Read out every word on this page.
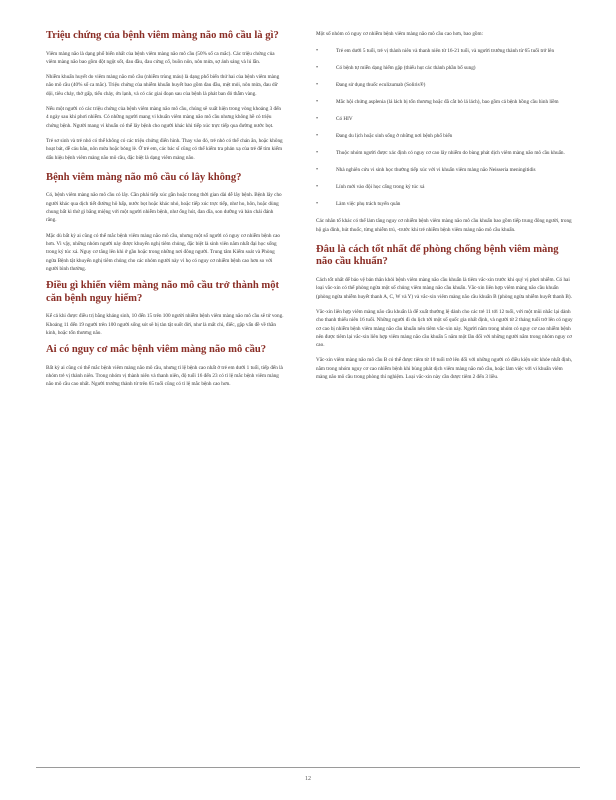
Triệu chứng của bệnh viêm màng não mô cầu là gì?

Viêm màng não là dạng phổ biến nhất của bệnh viêm màng não mô cầu (50% số ca mắc). Các triệu chứng của viêm màng não bao gồm đột ngột sốt, đau đầu, đau cứng cổ, buồn nôn, nôn mửa, sợ ánh sáng và lú lẫn.

Nhiễm khuẩn huyết do viêm màng não mô cầu (nhiễm trùng máu) là dạng phổ biến thứ hai của bệnh viêm màng não mô cầu (40% số ca mắc). Triệu chứng của nhiễm khuẩn huyết bao gồm đau đầu, mệt mỏi, nôn mửa, đau dữ dội, tiêu chảy, thở gấp, tiểu chảy, ớn lạnh, và có các giai đoạn sau của bệnh là phát ban đỏ thẫm vàng.

Nếu một người có các triệu chứng của bệnh viêm màng não mô cầu, chúng sẽ xuất hiện trong vòng khoảng 3 đến 4 ngày sau khi phơi nhiễm. Có những người mang vi khuẩn viêm màng não mô cầu nhưng không hề có triệu chứng bệnh. Người mang vi khuẩn có thể lây bệnh cho người khác khi tiếp xúc trực tiếp qua đường nước bọt.

Trẻ sơ sinh và trẻ nhỏ có thể không có các triệu chứng điển hình. Thay vào đó, trẻ nhỏ có thể chán ăn, hoặc không hoạt bát, dễ cáu bẳn, nôn mửa hoặc bỏng lè. Ở trẻ em, các bác sĩ cũng có thể kiểm tra phản xạ của trẻ để tìm kiếm dấu hiệu bệnh viêm màng não mô cầu, đặc biệt là dạng viêm màng não.

Bệnh viêm màng não mô cầu có lây không?

Có, bệnh viêm màng não mô cầu có lây. Cần phải tiếp xúc gần hoặc trong thời gian dài dễ lây bệnh. Bệnh lây cho người khác qua dịch tiết đường hô hấp, nước bọt hoặc khác nhỏ, hoặc tiếp xúc trực tiếp, như ho, hôn, hoặc dùng chung bất kì thứ gì bằng miệng với một người nhiễm bệnh, như ống hút, đan dĩa, son dưỡng và bàn chải đánh răng.

Mặc dù bất kỳ ai cũng có thể mắc bệnh viêm màng não mô cầu, nhưng một số người có nguy cơ nhiễm bệnh cao hơn. Vì vậy, những nhóm người này được khuyến nghị tiêm chủng, đặc biệt là sinh viên năm nhất đại học sống trong ký túc xá. Nguy cơ tăng lên khi ở gần hoặc trong những nơi đông người. Trung tâm Kiểm soát và Phòng ngừa Bệnh tật khuyến nghị tiêm chủng cho các nhóm người này vì họ có nguy cơ nhiễm bệnh cao hơn so với người bình thường.

Điều gì khiến viêm màng não mô cầu trở thành một căn bệnh nguy hiểm?

Kể cả khi được điều trị bằng kháng sinh, 10 đến 15 trên 100 người nhiễm bệnh viêm màng não mô cầu sẽ tử vong. Khoảng 11 đến 19 người trên 100 người sống sót sẽ bị tàn tật suốt đời, như là mất chi, điếc, gặp vấn đề về thần kinh, hoặc tổn thương não.

Ai có nguy cơ mắc bệnh viêm màng não mô cầu?

Bất kỳ ai cũng có thể mắc bệnh viêm màng não mô cầu, nhưng tỉ lệ bệnh cao nhất ở trẻ em dưới 1 tuổi, tiếp đến là nhóm trẻ vị thành niên. Trong nhóm vị thành niên và thanh niên, độ tuổi 16 đến 23 có tỉ lệ mắc bệnh viêm màng não mô cầu cao nhất. Người trưởng thành từ trên 65 tuổi cũng có tỉ lệ mắc bệnh cao hơn.

Một số nhóm có nguy cơ nhiễm bệnh viêm màng não mô cầu cao hơn, bao gồm:

•	Trẻ em dưới 5 tuổi, trẻ vị thành niên và thanh niên từ 16-21 tuổi, và người trưởng thành từ 65 tuổi trở lên
•	Có bệnh tự miễn dạng hiếm gặp (thiếu hụt các thành phần bổ sung)
•	Đang sử dụng thuốc eculizumab (Soliris®)
•	Mắc hội chứng asplenia (lá lách bị tổn thương hoặc đã cắt bỏ lá lách), bao gồm cả bệnh hồng cầu hình liềm
•	Có HIV
•	Đang du lịch hoặc sinh sống ở những nơi bệnh phổ biến
•	Thuộc nhóm người được xác định có nguy cơ cao lây nhiễm do bùng phát dịch viêm màng não mô cầu khuẩn.
•	Nhà nghiên cứu vi sinh học thường tiếp xúc với vi khuẩn viêm màng não Neisseria meningitidis
•	Lính mới vào đội học cẩng trong ký túc xá
•	Làm việc phụ trách tuyển quân

Các nhân tố khác có thể làm tăng nguy cơ nhiễm bệnh viêm màng não mô cầu khuẩn bao gồm tiếp trung đông người, trong hộ gia đình, hút thuốc, từng nhiễm trú, -trước khi trẻ nhiễm bệnh viêm màng não mô cầu khuẩn.

Đâu là cách tốt nhất để phòng chống bệnh viêm màng não cầu khuẩn?

Cách tốt nhất để bảo vệ bản thân khỏi bệnh viêm màng não cầu khuẩn là tiêm vắc-xin trước khi quý vị phơi nhiễm. Có hai loại vắc-xin có thể phòng ngừa một số chủng viêm màng não cầu khuẩn. Vắc-xin liên hợp viêm màng não cầu khuẩn (phòng ngừa nhiễm huyết thanh A, C, W và Y) và vắc-xin viêm màng não cầu khuẩn B (phòng ngừa nhiễm huyết thanh B).

Vắc-xin liên hợp viêm màng não cầu khuẩn là để xuất thường lệ dành cho các trẻ 11 tới 12 tuổi, với một mũi nhắc lại dành cho thanh thiếu niên 16 tuổi. Những người đi du lịch tới một số quốc gia nhất định, và người từ 2 tháng tuổi trở lên có nguy cơ cao bị nhiễm bệnh viêm màng não cầu khuẩn nên tiêm vắc-xin này. Người nằm trong nhóm có nguy cơ cao nhiễm bệnh nên được tiêm lại vắc-xin liên hợp viêm màng não cầu khuẩn 5 năm một lần đối với những người nằm trong nhóm nguy cơ cao.

Vắc-xin viêm màng não mô cầu B có thể được tiêm từ 10 tuổi trở lên đối với những người có điều kiện sức khỏe nhất định, nằm trong nhóm nguy cơ cao nhiễm bệnh khi bùng phát dịch viêm màng não mô cầu, hoặc làm việc với vi khuẩn viêm màng não mô cầu trong phòng thí nghiệm. Loại vắc-xin này cần được tiêm 2 đến 3 liều.

12
